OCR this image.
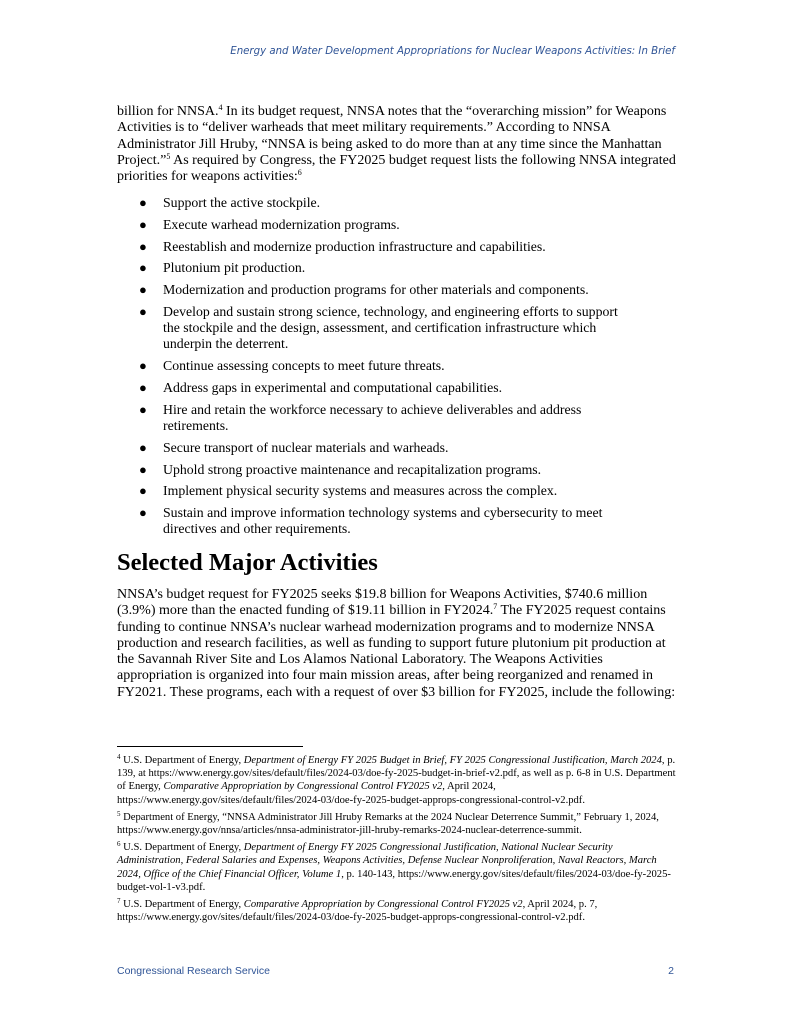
Energy and Water Development Appropriations for Nuclear Weapons Activities: In Brief

billion for NNSA.$^4$ In its budget request, NNSA notes that the “overarching mission” for Weapons Activities is to “deliver warheads that meet military requirements.” According to NNSA Administrator Jill Hruby, “NNSA is being asked to do more than at any time since the Manhattan Project.”$^5$ As required by Congress, the FY2025 budget request lists the following NNSA integrated priorities for weapons activities:$^6$

● Support the active stockpile.
● Execute warhead modernization programs.
● Reestablish and modernize production infrastructure and capabilities.
● Plutonium pit production.
● Modernization and production programs for other materials and components.
● Develop and sustain strong science, technology, and engineering efforts to support the stockpile and the design, assessment, and certification infrastructure which underpin the deterrent.
● Continue assessing concepts to meet future threats.
● Address gaps in experimental and computational capabilities.
● Hire and retain the workforce necessary to achieve deliverables and address retirements.
● Secure transport of nuclear materials and warheads.
● Uphold strong proactive maintenance and recapitalization programs.
● Implement physical security systems and measures across the complex.
● Sustain and improve information technology systems and cybersecurity to meet directives and other requirements.
Selected Major Activities

NNSA’s budget request for FY2025 seeks $19.8 billion for Weapons Activities, $740.6 million (3.9%) more than the enacted funding of $19.11 billion in FY2024.$^7$ The FY2025 request contains funding to continue NNSA’s nuclear warhead modernization programs and to modernize NNSA production and research facilities, as well as funding to support future plutonium pit production at the Savannah River Site and Los Alamos National Laboratory. The Weapons Activities appropriation is organized into four main mission areas, after being reorganized and renamed in FY2021. These programs, each with a request of over $3 billion for FY2025, include the following:

$^4$ U.S. Department of Energy, Department of Energy FY 2025 Budget in Brief, FY 2025 Congressional Justification, March 2024, p. 139, at https://www.energy.gov/sites/default/files/2024-03/doe-fy-2025-budget-in-brief-v2.pdf, as well as p. 6-8 in U.S. Department of Energy, Comparative Appropriation by Congressional Control FY2025 v2, April 2024, https://www.energy.gov/sites/default/files/2024-03/doe-fy-2025-budget-approps-congressional-control-v2.pdf.

$^5$ Department of Energy, “NNSA Administrator Jill Hruby Remarks at the 2024 Nuclear Deterrence Summit,” February 1, 2024, https://www.energy.gov/nnsa/articles/nnsa-administrator-jill-hruby-remarks-2024-nuclear-deterrence-summit.

$^6$ U.S. Department of Energy, Department of Energy FY 2025 Congressional Justification, National Nuclear Security Administration, Federal Salaries and Expenses, Weapons Activities, Defense Nuclear Nonproliferation, Naval Reactors, March 2024, Office of the Chief Financial Officer, Volume 1, p. 140-143, https://www.energy.gov/sites/default/files/2024-03/doe-fy-2025-budget-vol-1-v3.pdf.

$^7$ U.S. Department of Energy, Comparative Appropriation by Congressional Control FY2025 v2, April 2024, p. 7, https://www.energy.gov/sites/default/files/2024-03/doe-fy-2025-budget-approps-congressional-control-v2.pdf.

Congressional Research Service	2
